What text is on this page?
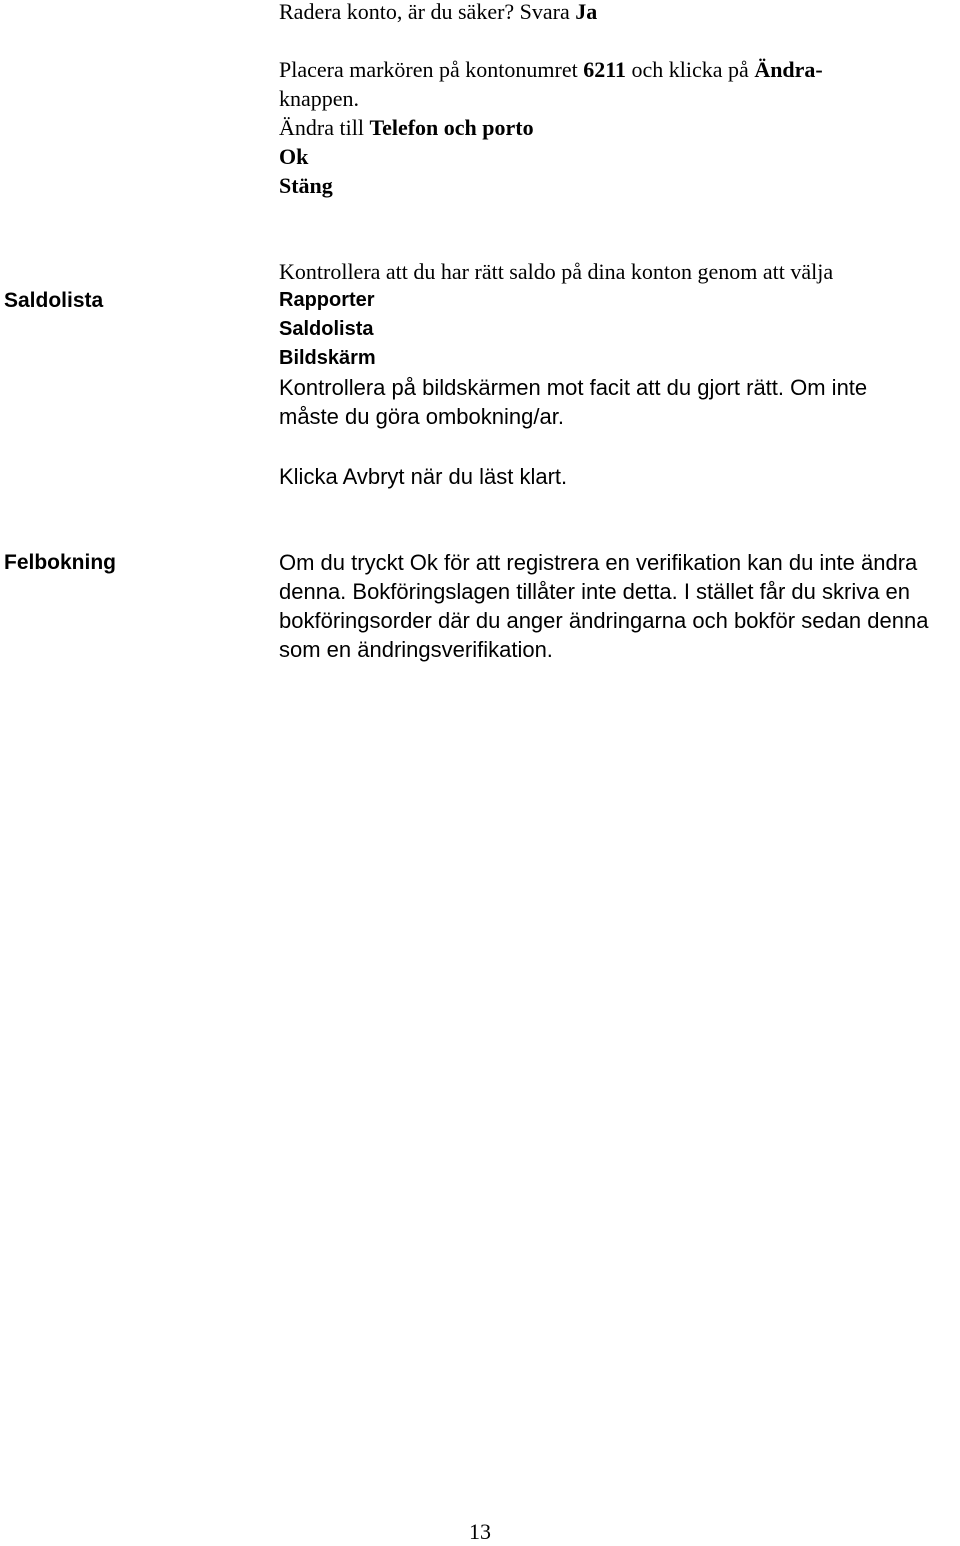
Radera konto, är du säker? Svara Ja
Placera markören på kontonumret 6211 och klicka på Ändra-
knappen.
Ändra till Telefon och porto
Ok
Stäng
Saldolista
Kontrollera att du har rätt saldo på dina konton genom att välja
Rapporter
Saldolista
Bildskärm
Kontrollera på bildskärmen mot facit att du gjort rätt. Om inte måste du göra ombokning/ar.
Klicka Avbryt när du läst klart.
Felbokning	Om du tryckt Ok för att registrera en verifikation kan du inte ändra denna. Bokföringslagen tillåter inte detta. I stället får du skriva en bokföringsorder där du anger ändringarna och bokför sedan denna som en ändringsverifikation.
13
